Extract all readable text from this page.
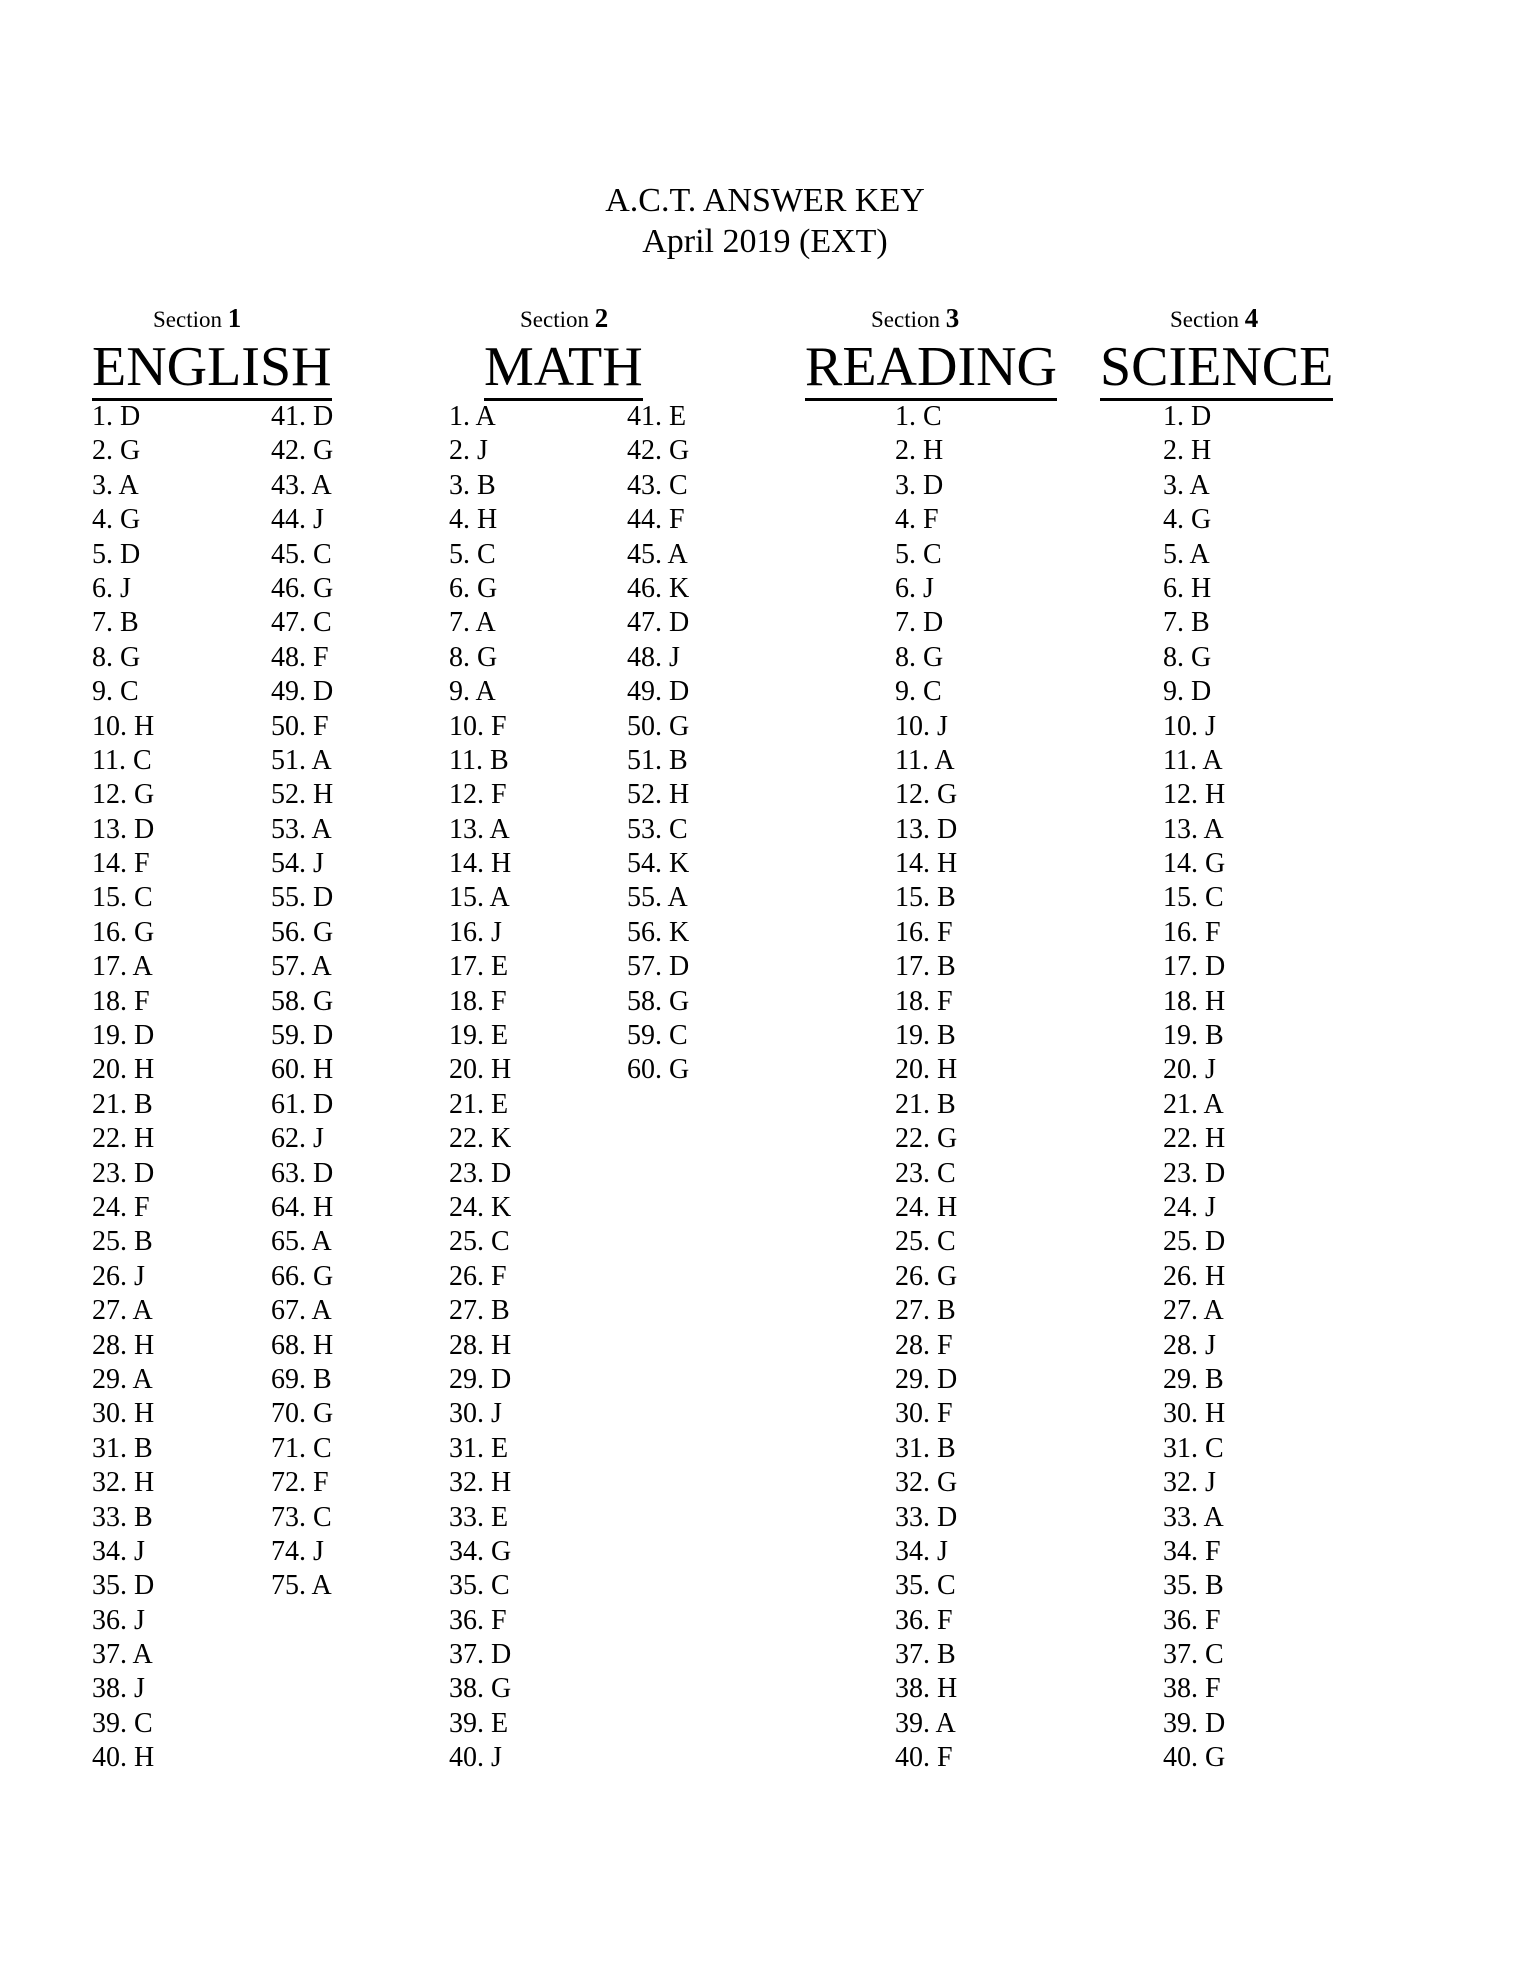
A.C.T. ANSWER KEY
April 2019 (EXT)
Section 1
ENGLISH
1. D
2. G
3. A
4. G
5. D
6. J
7. B
8. G
9. C
10. H
11. C
12. G
13. D
14. F
15. C
16. G
17. A
18. F
19. D
20. H
21. B
22. H
23. D
24. F
25. B
26. J
27. A
28. H
29. A
30. H
31. B
32. H
33. B
34. J
35. D
36. J
37. A
38. J
39. C
40. H
41. D
42. G
43. A
44. J
45. C
46. G
47. C
48. F
49. D
50. F
51. A
52. H
53. A
54. J
55. D
56. G
57. A
58. G
59. D
60. H
61. D
62. J
63. D
64. H
65. A
66. G
67. A
68. H
69. B
70. G
71. C
72. F
73. C
74. J
75. A
Section 2
MATH
1. A
2. J
3. B
4. H
5. C
6. G
7. A
8. G
9. A
10. F
11. B
12. F
13. A
14. H
15. A
16. J
17. E
18. F
19. E
20. H
21. E
22. K
23. D
24. K
25. C
26. F
27. B
28. H
29. D
30. J
31. E
32. H
33. E
34. G
35. C
36. F
37. D
38. G
39. E
40. J
41. E
42. G
43. C
44. F
45. A
46. K
47. D
48. J
49. D
50. G
51. B
52. H
53. C
54. K
55. A
56. K
57. D
58. G
59. C
60. G
Section 3
READING
1. C
2. H
3. D
4. F
5. C
6. J
7. D
8. G
9. C
10. J
11. A
12. G
13. D
14. H
15. B
16. F
17. B
18. F
19. B
20. H
21. B
22. G
23. C
24. H
25. C
26. G
27. B
28. F
29. D
30. F
31. B
32. G
33. D
34. J
35. C
36. F
37. B
38. H
39. A
40. F
Section 4
SCIENCE
1. D
2. H
3. A
4. G
5. A
6. H
7. B
8. G
9. D
10. J
11. A
12. H
13. A
14. G
15. C
16. F
17. D
18. H
19. B
20. J
21. A
22. H
23. D
24. J
25. D
26. H
27. A
28. J
29. B
30. H
31. C
32. J
33. A
34. F
35. B
36. F
37. C
38. F
39. D
40. G
